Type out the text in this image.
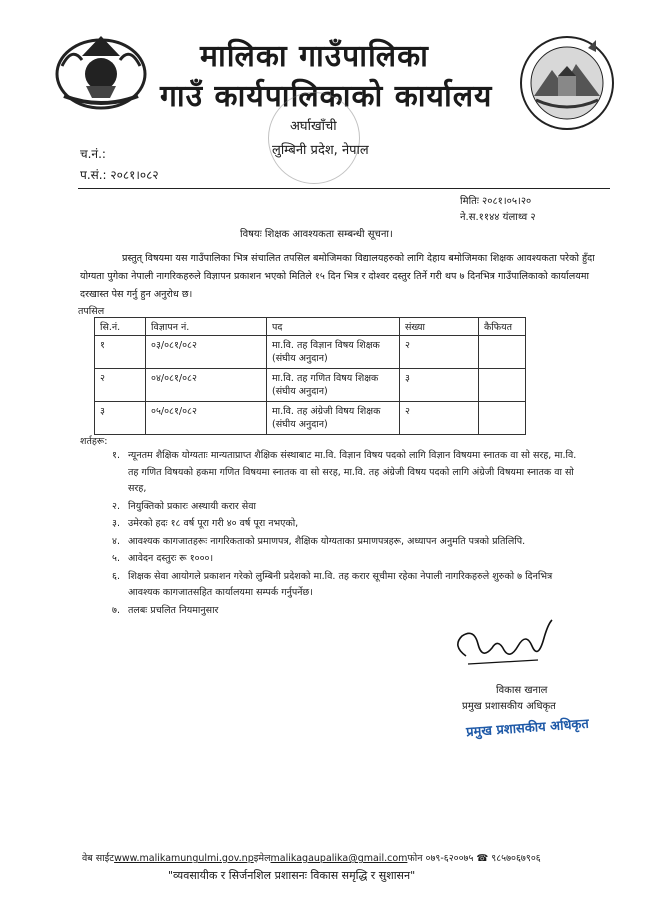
मालिका गाउँपालिका
गाउँ कार्यपालिकाको कार्यालय
अर्घाखाँची
लुम्बिनी प्रदेश, नेपाल
च.नं.:
प.सं.: २०८१।०८२
मितिः २०८१।०५।२०
ने.स.११४४ यंलाथ्व २
विषयः शिक्षक आवश्यकता सम्बन्धी सूचना।
प्रस्तुत् विषयमा यस गाउँपालिका भित्र संचालित तपसिल बमोजिमका विद्यालयहरुको लागि देहाय बमोजिमका शिक्षक आवश्यकता परेको हुँदा योग्यता पुगेका नेपाली नागरिकहरुले विज्ञापन प्रकाशन भएको मितिले १५ दिन भित्र र दोश्वर दस्तुर तिर्ने गरी थप ७ दिनभित्र गाउँपालिकाको कार्यालयमा दरखास्त पेस गर्नु हुन अनुरोध छ।
तपसिल
सि.नं.	विज्ञापन नं.	पद	संख्या	कैफियत
१	०३/०८१/०८२	मा.वि. तह विज्ञान विषय शिक्षक (संघीय अनुदान)	२	
२	०४/०८१/०८२	मा.वि. तह गणित विषय शिक्षक (संघीय अनुदान)	३	
३	०५/०८१/०८२	मा.वि. तह अंग्रेजी विषय शिक्षक (संघीय अनुदान)	२	
शर्तहरू:
१. न्यूनतम शैक्षिक योग्यताः मान्यताप्राप्त शैक्षिक संस्थाबाट मा.वि. विज्ञान विषय पदको लागि विज्ञान विषयमा स्नातक वा सो सरह, मा.वि. तह गणित विषयको हकमा गणित विषयमा स्नातक वा सो सरह, मा.वि. तह अंग्रेजी विषय पदको लागि अंग्रेजी विषयमा स्नातक वा सो सरह,
२. नियुक्तिको प्रकारः अस्थायी करार सेवा
३. उमेरको हदः १८ वर्ष पूरा गरी ४० वर्ष पूरा नभएको,
४. आवश्यक कागजातहरूः नागरिकताको प्रमाणपत्र, शैक्षिक योग्यताका प्रमाणपत्रहरू, अध्यापन अनुमति पत्रको प्रतिलिपि.
५. आवेदन दस्तुरः रू १०००।
६. शिक्षक सेवा आयोगले प्रकाशन गरेको लुम्बिनी प्रदेशको मा.वि. तह करार सूचीमा रहेका नेपाली नागरिकहरुले शुरुको ७ दिनभित्र आवश्यक कागजातसहित कार्यालयमा सम्पर्क गर्नुपर्नेछ।
७. तलबः प्रचलित नियमानुसार
विकास खनाल
प्रमुख प्रशासकीय अधिकृत
प्रमुख प्रशासकीय अधिकृत
वेब साईटwww.malikamungulmi.gov.npइमेलmalikagaupalika@gmail.comफोन ०७९-६२००७५ ☎ ९८५७०६७९०६
"व्यवसायीक र सिर्जनशिल प्रशासनः विकास समृद्धि र सुशासन"
